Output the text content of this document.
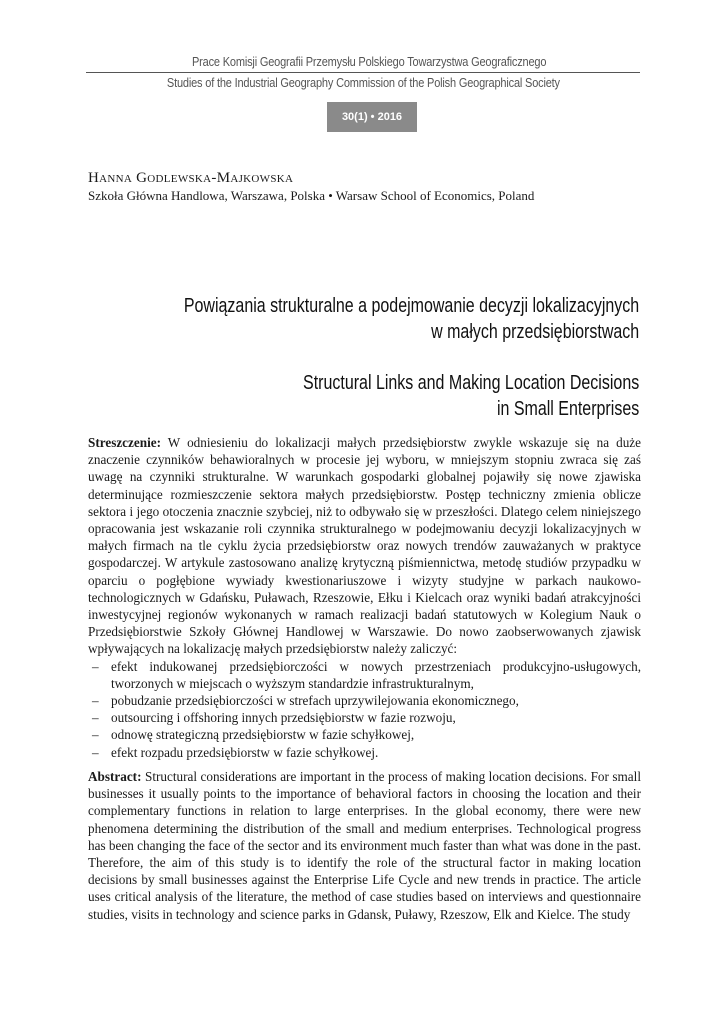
Prace Komisji Geografii Przemysłu Polskiego Towarzystwa Geograficznego
Studies of the Industrial Geography Commission of the Polish Geographical Society
30(1) • 2016
Hanna Godlewska-Majkowska
Szkoła Główna Handlowa, Warszawa, Polska • Warsaw School of Economics, Poland
Powiązania strukturalne a podejmowanie decyzji lokalizacyjnych
w małych przedsiębiorstwach
Structural Links and Making Location Decisions
in Small Enterprises

Streszczenie: W odniesieniu do lokalizacji małych przedsiębiorstw zwykle wskazuje się na duże znaczenie czynników behawioralnych w procesie jej wyboru, w mniejszym stopniu zwraca się zaś uwagę na czynniki strukturalne. W warunkach gospodarki globalnej pojawiły się nowe zjawiska determinujące rozmieszczenie sektora małych przedsiębiorstw. Postęp techniczny zmienia oblicze sektora i jego otoczenia znacznie szybciej, niż to odbywało się w przeszłości. Dlatego celem niniejszego opracowania jest wskazanie roli czynnika strukturalnego w podejmowaniu decyzji lokalizacyjnych w małych firmach na tle cyklu życia przedsiębiorstw oraz nowych trendów zauważanych w praktyce gospodarczej. W artykule zastosowano analizę krytyczną piśmiennictwa, metodę studiów przypadku w oparciu o pogłębione wywiady kwestionariuszowe i wizyty studyjne w parkach naukowo-technologicznych w Gdańsku, Puławach, Rzeszowie, Ełku i Kielcach oraz wyniki badań atrakcyjności inwestycyjnej regionów wykonanych w ramach realizacji badań statutowych w Kolegium Nauk o Przedsiębiorstwie Szkoły Głównej Handlowej w Warszawie. Do nowo zaobserwowanych zjawisk wpływających na lokalizację małych przedsiębiorstw należy zaliczyć:

– efekt indukowanej przedsiębiorczości w nowych przestrzeniach produkcyjno-usługowych, tworzonych w miejscach o wyższym standardzie infrastrukturalnym,
– pobudzanie przedsiębiorczości w strefach uprzywilejowania ekonomicznego,
– outsourcing i offshoring innych przedsiębiorstw w fazie rozwoju,
– odnowę strategiczną przedsiębiorstw w fazie schyłkowej,
– efekt rozpadu przedsiębiorstw w fazie schyłkowej.

Abstract: Structural considerations are important in the process of making location decisions. For small businesses it usually points to the importance of behavioral factors in choosing the location and their complementary functions in relation to large enterprises. In the global economy, there were new phenomena determining the distribution of the small and medium enterprises. Technological progress has been changing the face of the sector and its environment much faster than what was done in the past. Therefore, the aim of this study is to identify the role of the structural factor in making location decisions by small businesses against the Enterprise Life Cycle and new trends in practice. The article uses critical analysis of the literature, the method of case studies based on interviews and questionnaire studies, visits in technology and science parks in Gdansk, Puławy, Rzeszow, Elk and Kielce. The study
